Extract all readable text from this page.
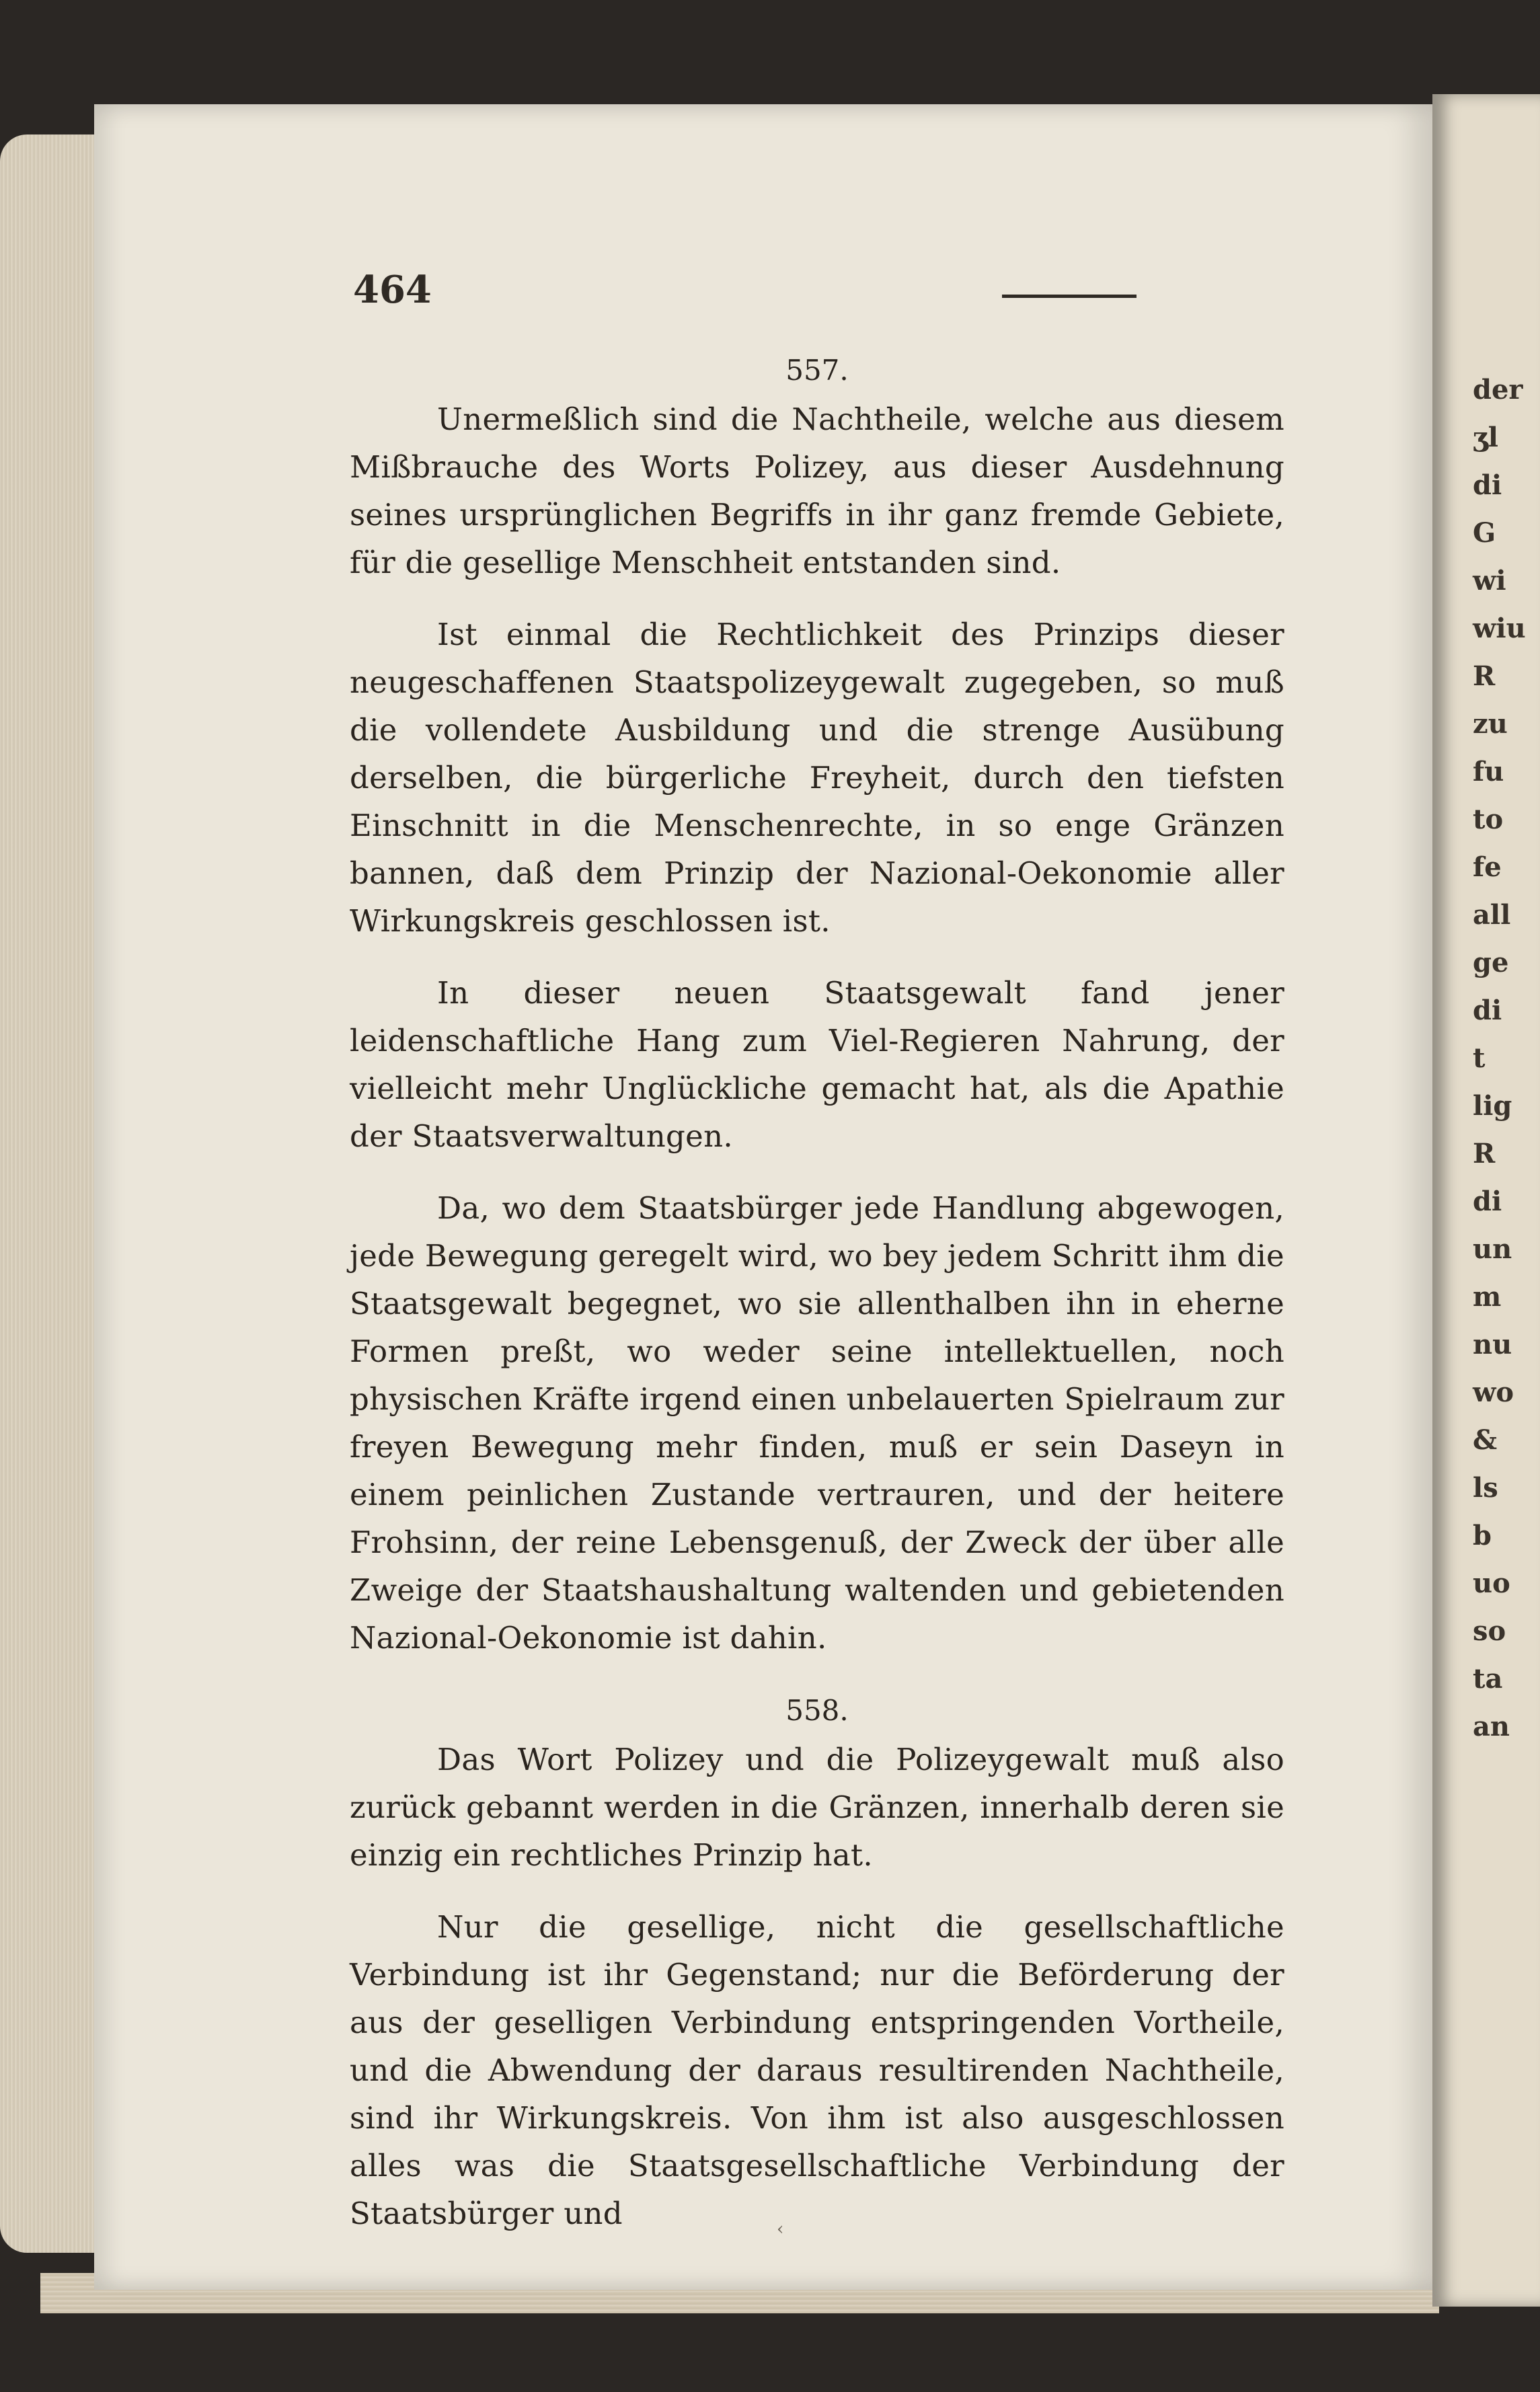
der
ʒl
di
G
wi
wiu
R
zu
fu
to
fe
all
ge
di
t
lig
R
di
un
m
nu
wo
&
ls
b
uo
so
ta
an
464
557.

Unermeßlich sind die Nachtheile, welche aus diesem Mißbrauche des Worts Polizey, aus dieser Ausdehnung seines ursprünglichen Begriffs in ihr ganz fremde Gebiete, für die gesellige Menschheit entstanden sind.

Ist einmal die Rechtlichkeit des Prinzips dieser neugeschaffenen Staatspolizeygewalt zugegeben, so muß die vollendete Ausbildung und die strenge Ausübung derselben, die bürgerliche Freyheit, durch den tiefsten Einschnitt in die Menschenrechte, in so enge Gränzen bannen, daß dem Prinzip der Nazional-Oekonomie aller Wirkungskreis geschlossen ist.

In dieser neuen Staatsgewalt fand jener leidenschaftliche Hang zum Viel-Regieren Nahrung, der vielleicht mehr Unglückliche gemacht hat, als die Apathie der Staatsverwaltungen.

Da, wo dem Staatsbürger jede Handlung abgewogen, jede Bewegung geregelt wird, wo bey jedem Schritt ihm die Staatsgewalt begegnet, wo sie allenthalben ihn in eherne Formen preßt, wo weder seine intellektuellen, noch physischen Kräfte irgend einen unbelauerten Spielraum zur freyen Bewegung mehr finden, muß er sein Daseyn in einem peinlichen Zustande vertrauren, und der heitere Frohsinn, der reine Lebensgenuß, der Zweck der über alle Zweige der Staatshaushaltung waltenden und gebietenden Nazional-Oekonomie ist dahin.

558.

Das Wort Polizey und die Polizeygewalt muß also zurück gebannt werden in die Gränzen, innerhalb deren sie einzig ein rechtliches Prinzip hat.

Nur die gesellige, nicht die gesellschaftliche Verbindung ist ihr Gegenstand; nur die Beförderung der aus der geselligen Verbindung entspringenden Vortheile, und die Abwendung der daraus resultirenden Nachtheile, sind ihr Wirkungskreis. Von ihm ist also ausgeschlossen alles was die Staatsgesellschaftliche Verbindung der Staatsbürger und	‹
